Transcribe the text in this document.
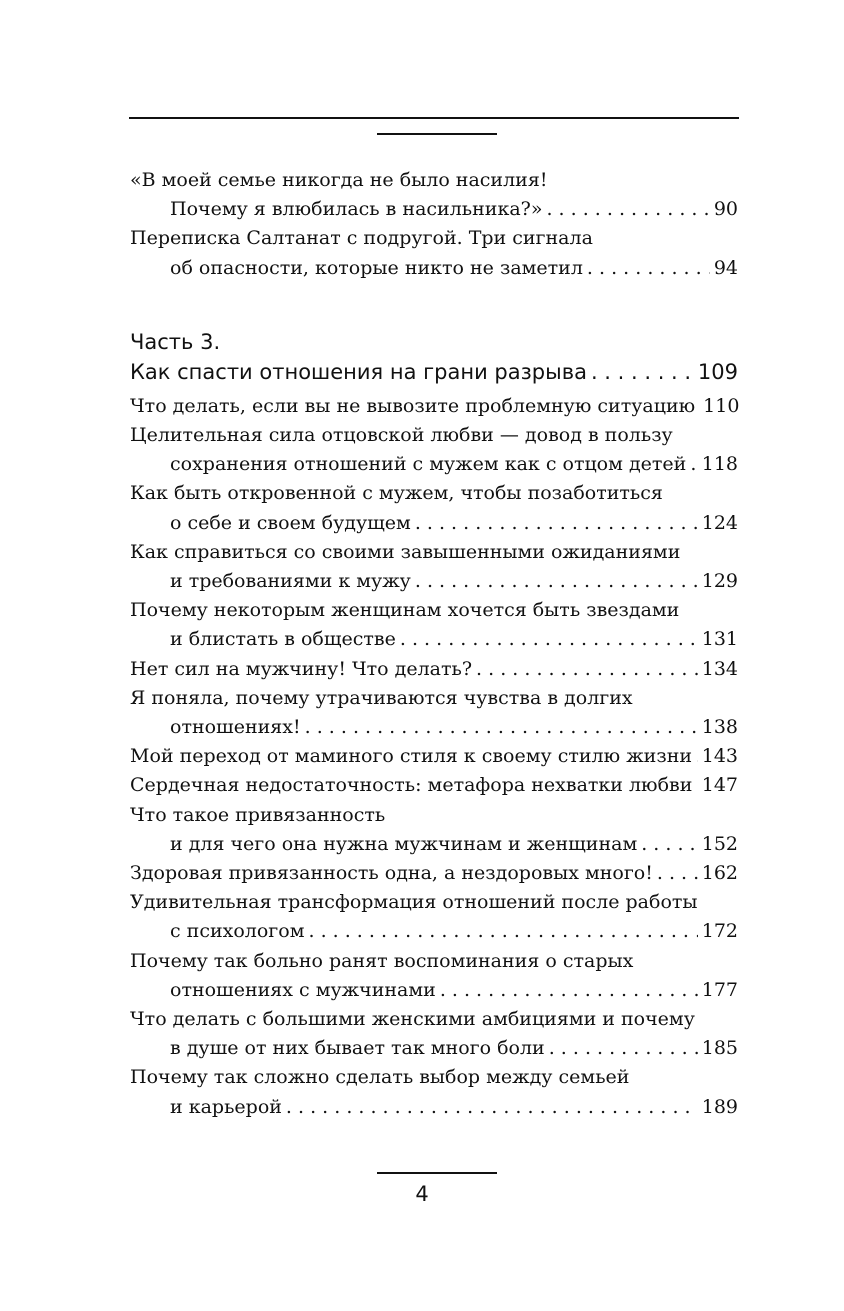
«В моей семье никогда не было насилия!
Почему я влюбилась в насильника?» . . .	90
Переписка Салтанат с подругой. Три сигнала
об опасности, которые никто не заметил . . .	94
Часть 3.
Как спасти отношения на грани разрыва . . .	109
Что делать, если вы не вывозите проблемную ситуацию 110
Целительная сила отцовской любви — довод в пользу
сохранения отношений с мужем как с отцом детей . . . 118
Как быть откровенной с мужем, чтобы позаботиться
о себе и своем будущем . . .	124
Как справиться со своими завышенными ожиданиями
и требованиями к мужу . . .	129
Почему некоторым женщинам хочется быть звездами
и блистать в обществе . . .	131
Нет сил на мужчину! Что делать? . . .	134
Я поняла, почему утрачиваются чувства в долгих
отношениях! . . .	138
Мой переход от маминого стиля к своему стилю жизни . . . 143
Сердечная недостаточность: метафора нехватки любви . . . 147
Что такое привязанность
и для чего она нужна мужчинам и женщинам . . .	152
Здоровая привязанность одна, а нездоровых много! . . .	162
Удивительная трансформация отношений после работы
с психологом . . .	172
Почему так больно ранят воспоминания о старых
отношениях с мужчинами . . .	177
Что делать с большими женскими амбициями и почему
в душе от них бывает так много боли . . .	185
Почему так сложно сделать выбор между семьей
и карьерой . . .	189
4
